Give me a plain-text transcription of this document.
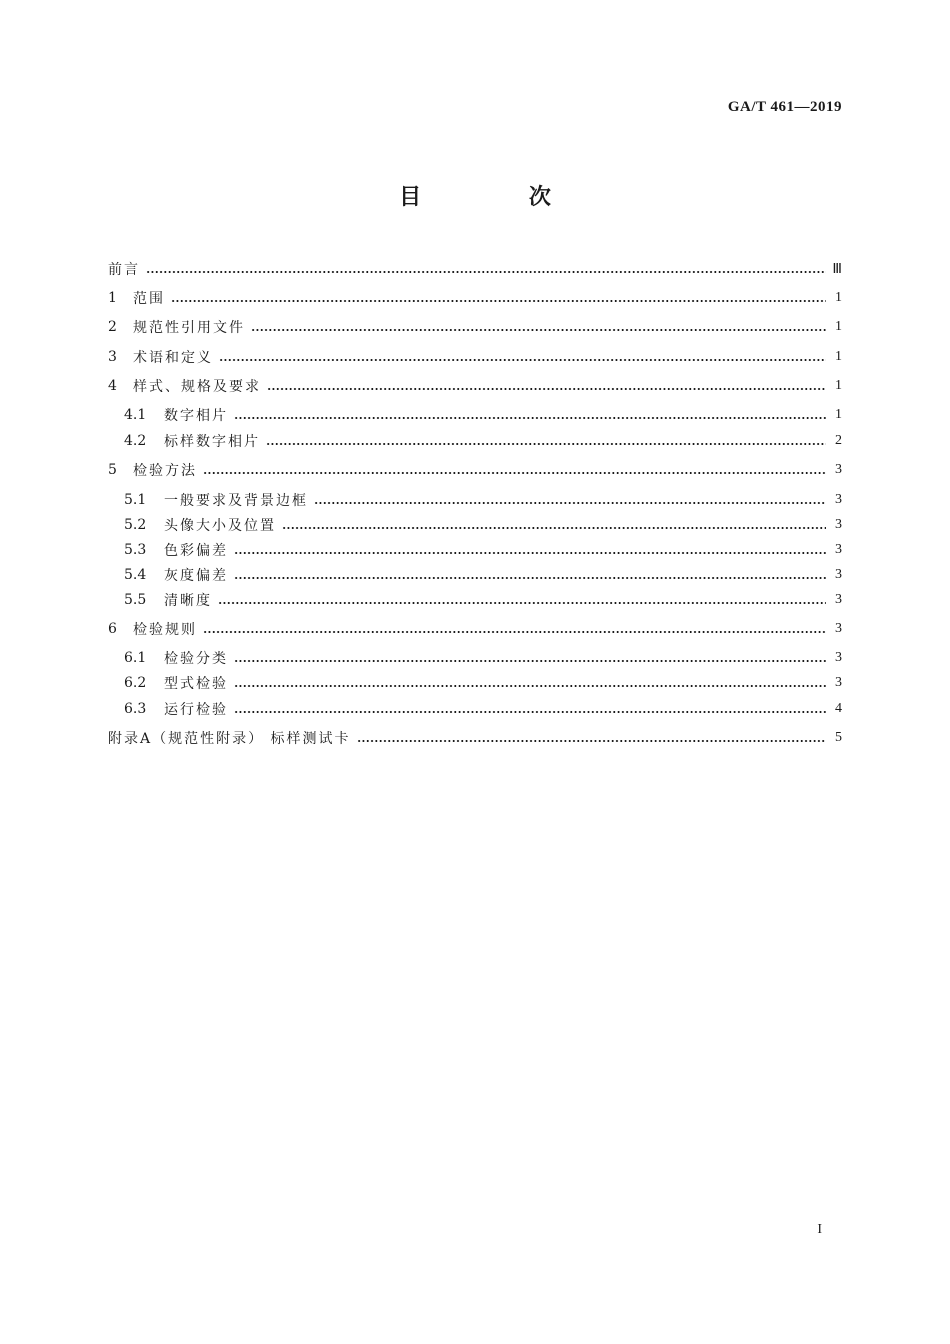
GA/T 461—2019
目 次
前言	Ⅲ
1	范围	1
2	规范性引用文件	1
3	术语和定义	1
4	样式、规格及要求	1
4.1	数字相片	1
4.2	标样数字相片	2
5	检验方法	3
5.1	一般要求及背景边框	3
5.2	头像大小及位置	3
5.3	色彩偏差	3
5.4	灰度偏差	3
5.5	清晰度	3
6	检验规则	3
6.1	检验分类	3
6.2	型式检验	3
6.3	运行检验	4
附录A（规范性附录） 标样测试卡	5
I
